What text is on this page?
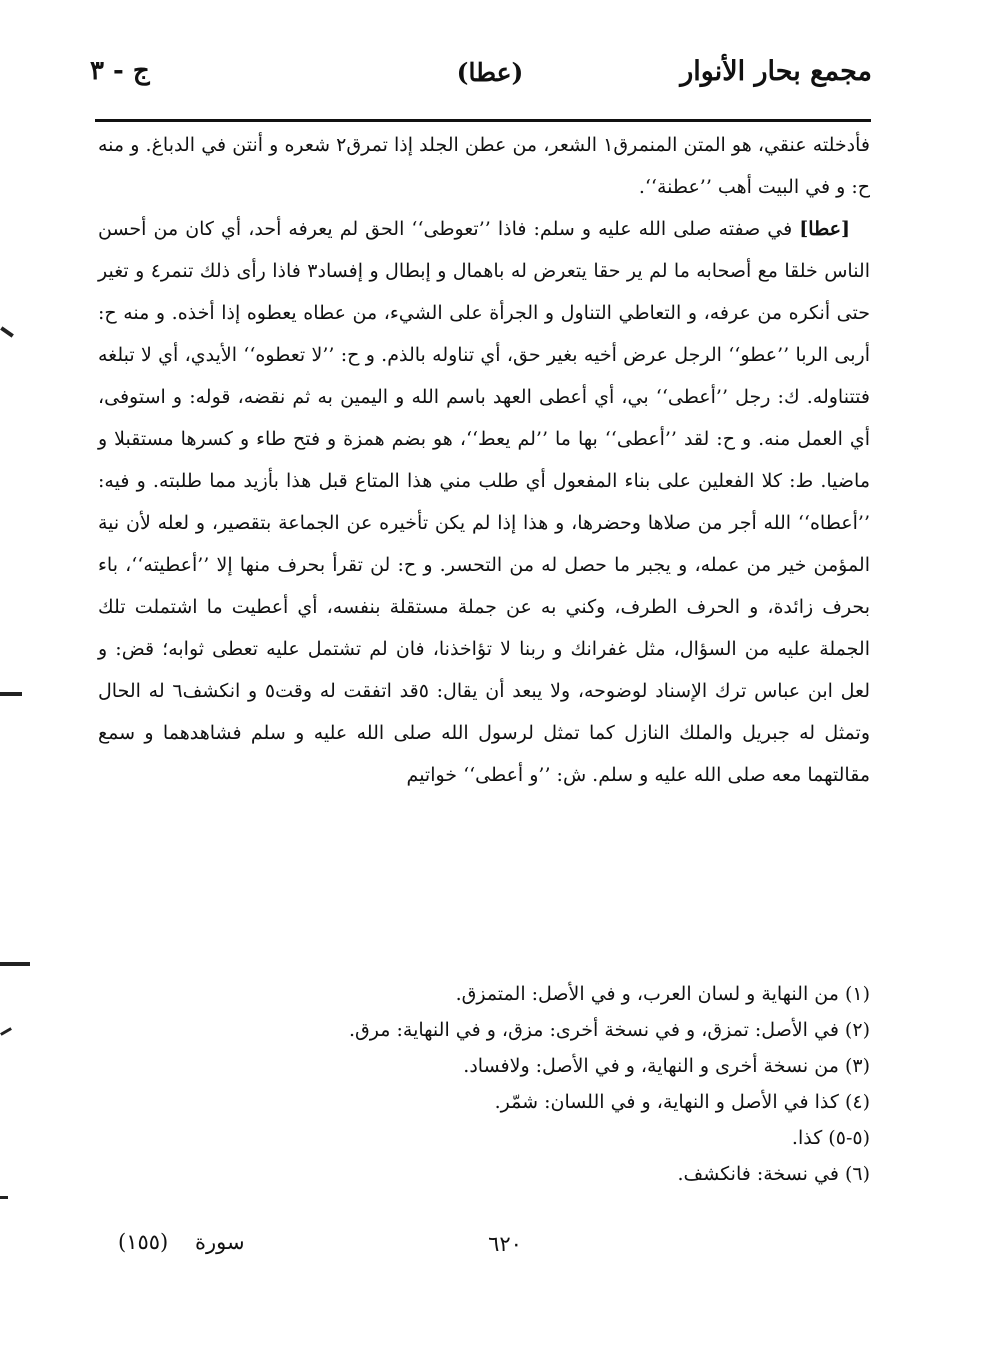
مجمع بحار الأنوار
(عطا)
ج - ٣

فأدخلته عنقي، هو المتن المنمرق١ الشعر، من عطن الجلد إذا تمرق٢ شعره و أنتن في الدباغ. و منه ح: و في البيت أهب ’’عطنة‘‘.

[عطا] في صفته صلى الله عليه و سلم: فاذا ’’تعوطى‘‘ الحق لم يعرفه أحد، أي كان من أحسن الناس خلقا مع أصحابه ما لم ير حقا يتعرض له باهمال و إبطال و إفساد٣ فاذا رأى ذلك تنمر٤ و تغير حتى أنكره من عرفه، و التعاطي التناول و الجرأة على الشيء، من عطاه يعطوه إذا أخذه. و منه ح: أربى الربا ’’عطو‘‘ الرجل عرض أخيه بغير حق، أي تناوله بالذم. و ح: ’’لا تعطوه‘‘ الأيدي، أي لا تبلغه فتتناوله. ك: رجل ’’أعطى‘‘ بي، أي أعطى العهد باسم الله و اليمين به ثم نقضه، قوله: و استوفى، أي العمل منه. و ح: لقد ’’أعطى‘‘ بها ما ’’لم يعط‘‘، هو بضم همزة و فتح طاء و كسرها مستقبلا و ماضيا. ط: كلا الفعلين على بناء المفعول أي طلب مني هذا المتاع قبل هذا بأزيد مما طلبته. و فيه: ’’أعطاه‘‘ الله أجر من صلاها وحضرها، و هذا إذا لم يكن تأخيره عن الجماعة بتقصير، و لعله لأن نية المؤمن خير من عمله، و يجبر ما حصل له من التحسر. و ح: لن تقرأ بحرف منها إلا ’’أعطيته‘‘، باء بحرف زائدة، و الحرف الطرف، وكني به عن جملة مستقلة بنفسه، أي أعطيت ما اشتملت تلك الجملة عليه من السؤال، مثل غفرانك و ربنا لا تؤاخذنا، فان لم تشتمل عليه تعطى ثوابه؛ قض: و لعل ابن عباس ترك الإسناد لوضوحه، ولا يبعد أن يقال: ٥قد اتفقت له وقت٥ و انكشف٦ له الحال وتمثل له جبريل والملك النازل كما تمثل لرسول الله صلى الله عليه و سلم فشاهدهما و سمع مقالتهما معه صلى الله عليه و سلم. ش: ’’و أعطى‘‘ خواتيم

(١) من النهاية و لسان العرب، و في الأصل: المتمزق.
(٢) في الأصل: تمزق، و في نسخة أخرى: مزق، و في النهاية: مرق.
(٣) من نسخة أخرى و النهاية، و في الأصل: ولافساد.
(٤) كذا في الأصل و النهاية، و في اللسان: شمّر.
(٥-٥) كذا.
(٦) في نسخة: فانكشف.
٦٢٠
سورة    (١٥٥)
